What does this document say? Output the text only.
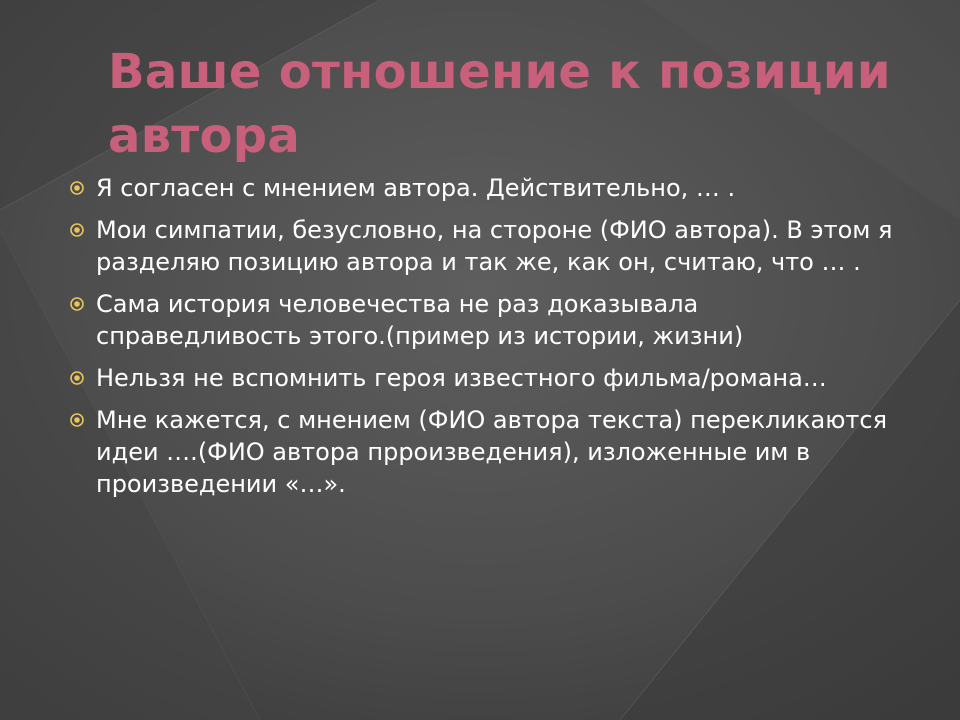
Ваше отношение к позиции автора
Я согласен с мнением автора. Действительно, … .
Мои симпатии, безусловно, на стороне (ФИО автора). В этом я разделяю позицию автора и так же, как он, считаю, что … .
Сама история человечества не раз доказывала справедливость этого.(пример из истории, жизни)
Нельзя не вспомнить героя известного фильма/романа…
Мне кажется, с мнением (ФИО автора текста) перекликаются идеи ….(ФИО автора прроизведения), изложенные им в произведении «…».
